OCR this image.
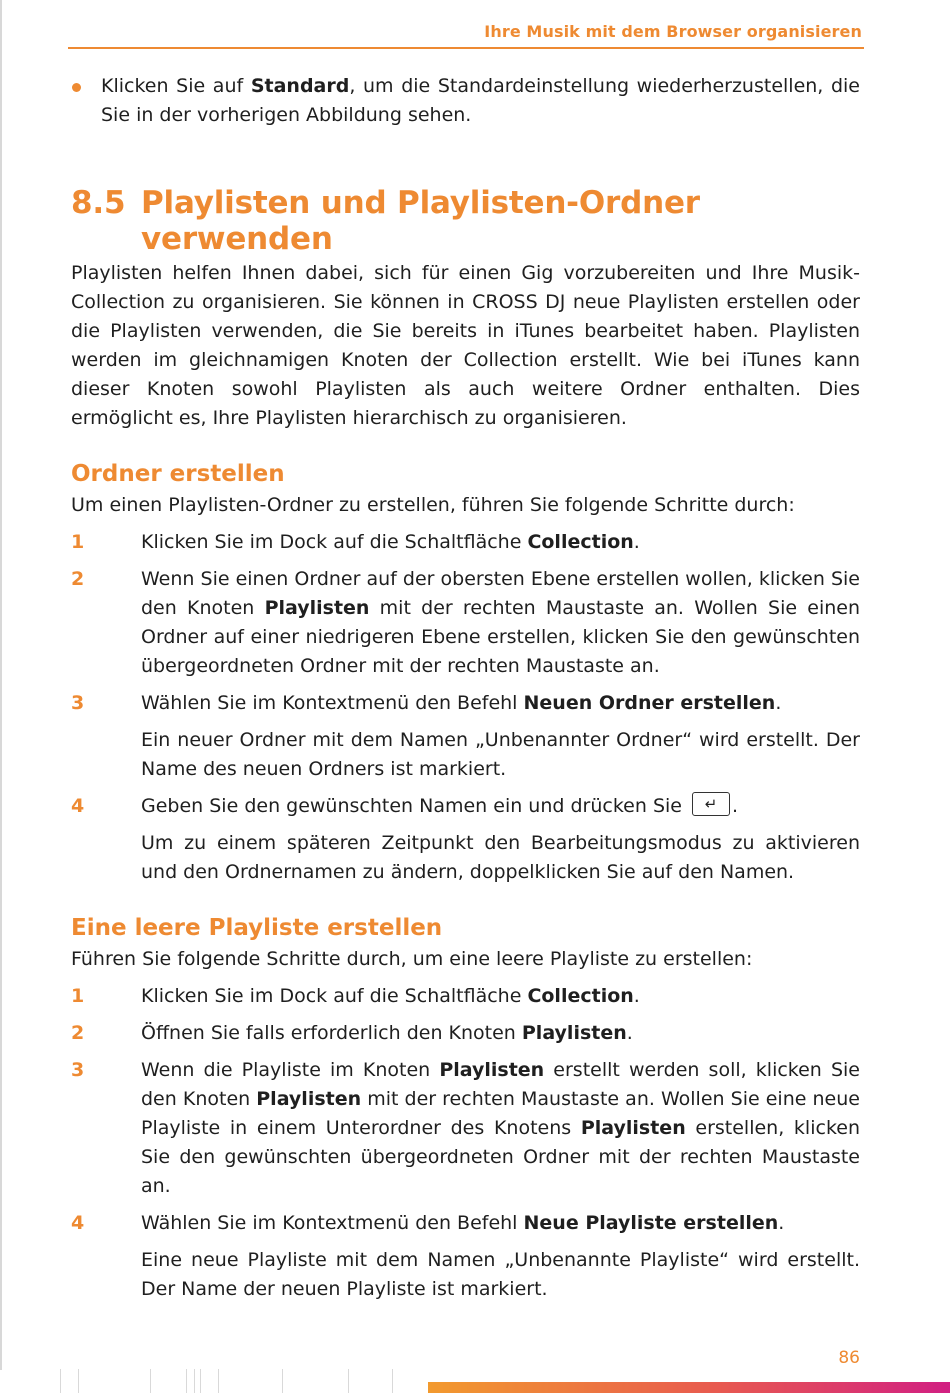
Ihre Musik mit dem Browser organisieren
Klicken Sie auf Standard, um die Standardeinstellung wiederherzustellen, die Sie in der vorherigen Abbildung sehen.
8.5 Playlisten und Playlisten-Ordner verwenden
Playlisten helfen Ihnen dabei, sich für einen Gig vorzubereiten und Ihre Musik-Collection zu organisieren. Sie können in CROSS DJ neue Playlisten erstellen oder die Playlisten verwenden, die Sie bereits in iTunes bearbeitet haben. Playlisten werden im gleichnamigen Knoten der Collection erstellt. Wie bei iTunes kann dieser Knoten sowohl Playlisten als auch weitere Ordner enthalten. Dies ermöglicht es, Ihre Playlisten hierarchisch zu organisieren.
Ordner erstellen
Um einen Playlisten-Ordner zu erstellen, führen Sie folgende Schritte durch:
1	Klicken Sie im Dock auf die Schaltfläche Collection.
2	Wenn Sie einen Ordner auf der obersten Ebene erstellen wollen, klicken Sie den Knoten Playlisten mit der rechten Maustaste an. Wollen Sie einen Ordner auf einer niedrigeren Ebene erstellen, klicken Sie den gewünschten übergeordneten Ordner mit der rechten Maustaste an.
3	Wählen Sie im Kontextmenü den Befehl Neuen Ordner erstellen.
Ein neuer Ordner mit dem Namen „Unbenannter Ordner“ wird erstellt. Der Name des neuen Ordners ist markiert.
4	Geben Sie den gewünschten Namen ein und drücken Sie ↵ .
Um zu einem späteren Zeitpunkt den Bearbeitungsmodus zu aktivieren und den Ordnernamen zu ändern, doppelklicken Sie auf den Namen.
Eine leere Playliste erstellen
Führen Sie folgende Schritte durch, um eine leere Playliste zu erstellen:
1	Klicken Sie im Dock auf die Schaltfläche Collection.
2	Öffnen Sie falls erforderlich den Knoten Playlisten.
3	Wenn die Playliste im Knoten Playlisten erstellt werden soll, klicken Sie den Knoten Playlisten mit der rechten Maustaste an. Wollen Sie eine neue Playliste in einem Unterordner des Knotens Playlisten erstellen, klicken Sie den gewünschten übergeordneten Ordner mit der rechten Maustaste an.
4	Wählen Sie im Kontextmenü den Befehl Neue Playliste erstellen.
Eine neue Playliste mit dem Namen „Unbenannte Playliste“ wird erstellt. Der Name der neuen Playliste ist markiert.
86
